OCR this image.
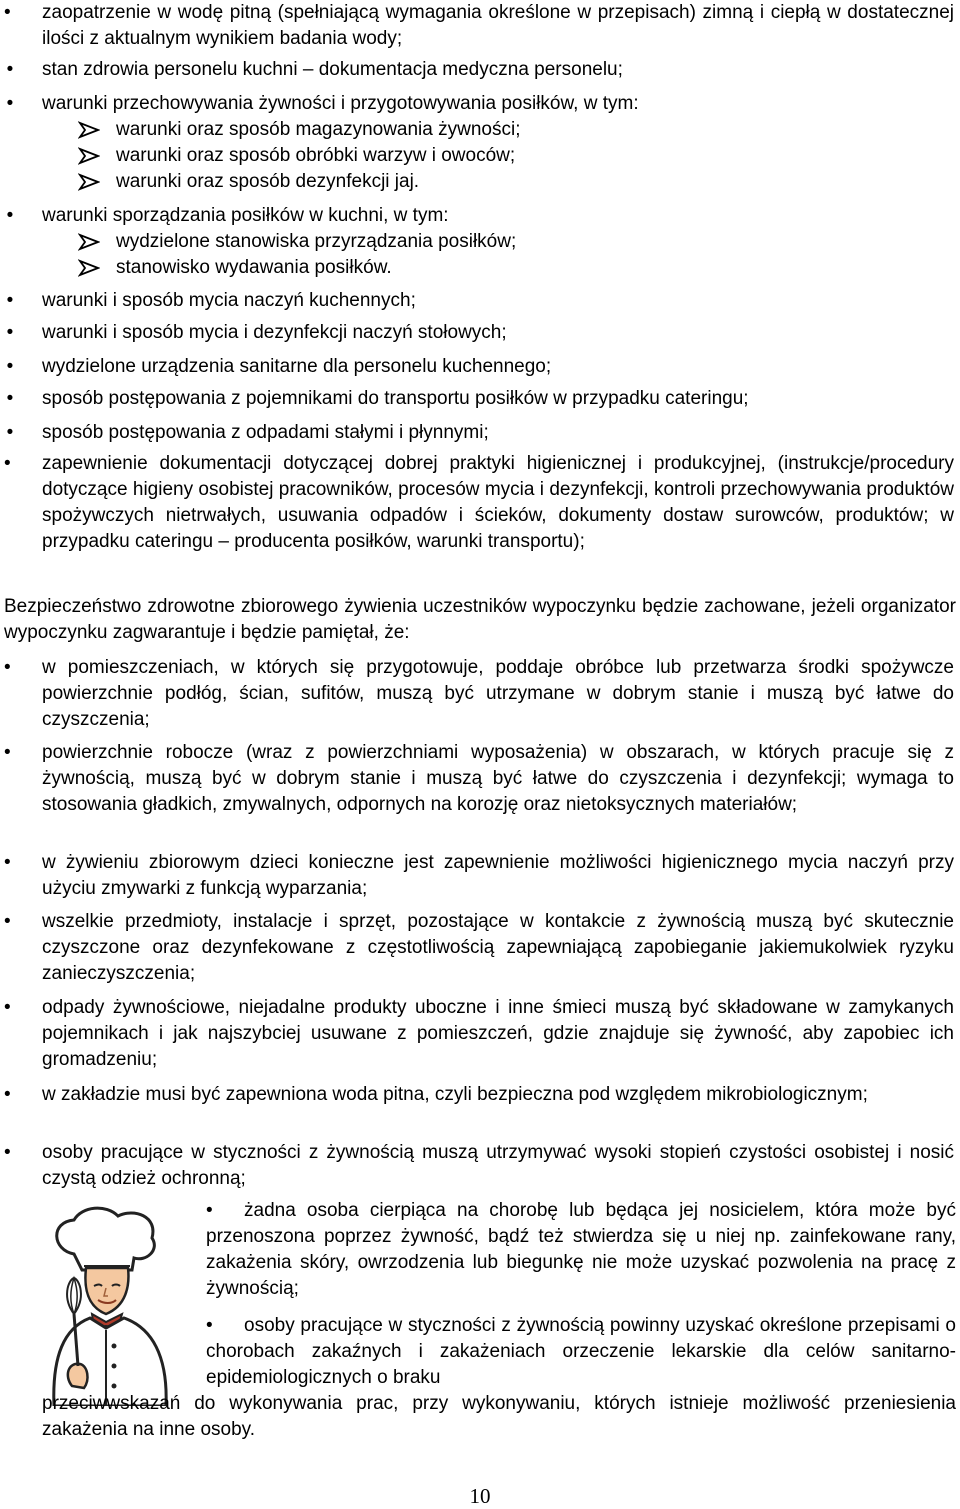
• zaopatrzenie w wodę pitną (spełniającą wymagania określone w przepisach) zimną i ciepłą w dostatecznej ilości z aktualnym wynikiem badania wody;
• stan zdrowia personelu kuchni – dokumentacja medyczna personelu;
• warunki przechowywania żywności i przygotowywania posiłków, w tym:
warunki oraz sposób magazynowania żywności;
warunki oraz sposób obróbki warzyw i owoców;
warunki oraz sposób dezynfekcji jaj.
• warunki sporządzania posiłków w kuchni, w tym:
wydzielone stanowiska przyrządzania posiłków;
stanowisko wydawania posiłków.
• warunki i sposób mycia naczyń kuchennych;
• warunki i sposób mycia i dezynfekcji naczyń stołowych;
• wydzielone urządzenia sanitarne dla personelu kuchennego;
• sposób postępowania z pojemnikami do transportu posiłków w przypadku cateringu;
• sposób postępowania z odpadami stałymi i płynnymi;
• zapewnienie dokumentacji dotyczącej dobrej praktyki higienicznej i produkcyjnej, (instrukcje/procedury dotyczące higieny osobistej pracowników, procesów mycia i dezynfekcji, kontroli przechowywania produktów spożywczych nietrwałych, usuwania odpadów i ścieków, dokumenty dostaw surowców, produktów; w przypadku cateringu – producenta posiłków, warunki transportu);
Bezpieczeństwo zdrowotne zbiorowego żywienia uczestników wypoczynku będzie zachowane, jeżeli organizator wypoczynku zagwarantuje i będzie pamiętał, że:
• w pomieszczeniach, w których się przygotowuje, poddaje obróbce lub przetwarza środki spożywcze powierzchnie podłóg, ścian, sufitów, muszą być utrzymane w dobrym stanie i muszą być łatwe do czyszczenia;
• powierzchnie robocze (wraz z powierzchniami wyposażenia) w obszarach, w których pracuje się z żywnością, muszą być w dobrym stanie i muszą być łatwe do czyszczenia i dezynfekcji; wymaga to stosowania gładkich, zmywalnych, odpornych na korozję oraz nietoksycznych materiałów;
• w żywieniu zbiorowym dzieci konieczne jest zapewnienie możliwości higienicznego mycia naczyń przy użyciu zmywarki z funkcją wyparzania;
• wszelkie przedmioty, instalacje i sprzęt, pozostające w kontakcie z żywnością muszą być skutecznie czyszczone oraz dezynfekowane z częstotliwością zapewniającą zapobieganie jakiemukolwiek ryzyku zanieczyszczenia;
• odpady żywnościowe, niejadalne produkty uboczne i inne śmieci muszą być składowane w zamykanych pojemnikach i jak najszybciej usuwane z pomieszczeń, gdzie znajduje się żywność, aby zapobiec ich gromadzeniu;
• w zakładzie musi być zapewniona woda pitna, czyli bezpieczna pod względem mikrobiologicznym;
• osoby pracujące w styczności z żywnością muszą utrzymywać wysoki stopień czystości osobistej i nosić czystą odzież ochronną;
• żadna osoba cierpiąca na chorobę lub będąca jej nosicielem, która może być przenoszona poprzez żywność, bądź też stwierdza się u niej np. zainfekowane rany, zakażenia skóry, owrzodzenia lub biegunkę nie może uzyskać pozwolenia na pracę z żywnością;
• osoby pracujące w styczności z żywnością powinny uzyskać określone przepisami o chorobach zakaźnych i zakażeniach orzeczenie lekarskie dla celów sanitarno-epidemiologicznych o braku
przeciwwskazań do wykonywania prac, przy wykonywaniu, których istnieje możliwość przeniesienia zakażenia na inne osoby.
10
